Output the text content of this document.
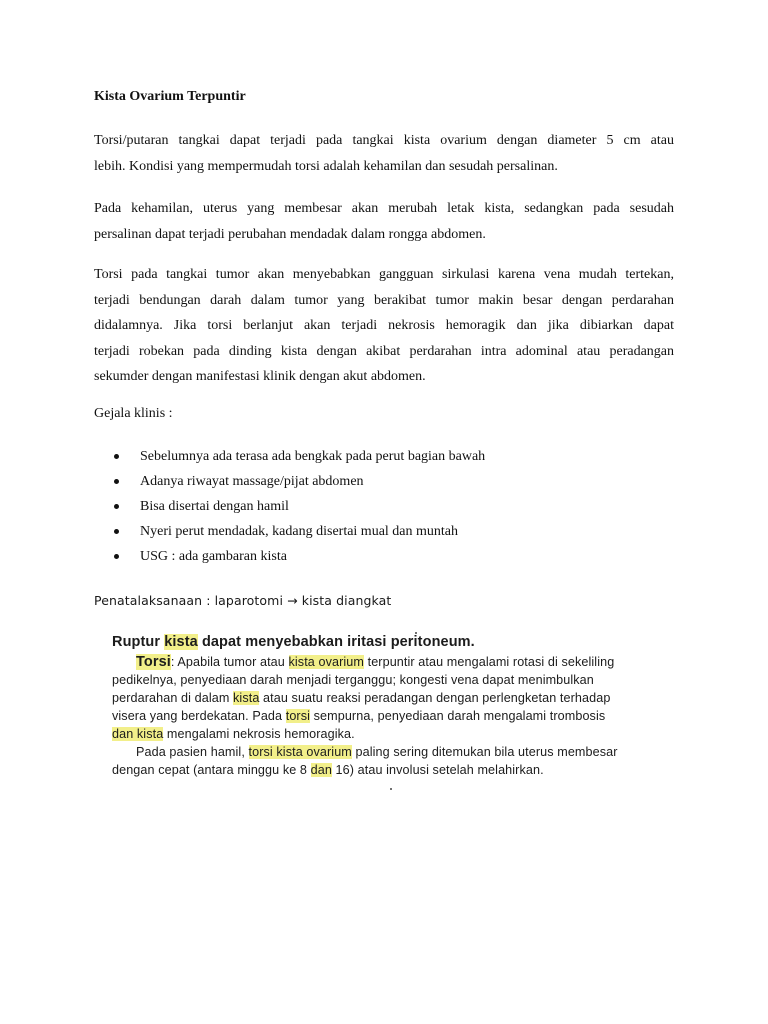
Kista Ovarium Terpuntir
Torsi/putaran tangkai dapat terjadi pada tangkai kista ovarium dengan diameter 5 cm atau
lebih. Kondisi yang mempermudah torsi adalah kehamilan dan sesudah persalinan.
Pada kehamilan, uterus yang membesar akan merubah letak kista, sedangkan pada sesudah
persalinan dapat terjadi perubahan mendadak dalam rongga abdomen.
Torsi pada tangkai tumor akan menyebabkan gangguan sirkulasi karena vena mudah tertekan,
terjadi bendungan darah dalam tumor yang berakibat tumor makin besar dengan perdarahan
didalamnya. Jika torsi berlanjut akan terjadi nekrosis hemoragik dan jika dibiarkan dapat
terjadi robekan pada dinding kista dengan akibat perdarahan intra adominal atau peradangan
sekumder dengan manifestasi klinik dengan akut abdomen.
Gejala klinis :
Sebelumnya ada terasa ada bengkak pada perut bagian bawah
Adanya riwayat massage/pijat abdomen
Bisa disertai dengan hamil
Nyeri perut mendadak, kadang disertai mual dan muntah
USG : ada gambaran kista
Penatalaksanaan : laparotomi → kista diangkat
Ruptur kista dapat menyebabkan iritasi peritoneum.
Torsi: Apabila tumor atau kista ovarium terpuntir atau mengalami rotasi di sekeliling
pedikelnya, penyediaan darah menjadi terganggu; kongesti vena dapat menimbulkan
perdarahan di dalam kista atau suatu reaksi peradangan dengan perlengketan terhadap
visera yang berdekatan. Pada torsi sempurna, penyediaan darah mengalami trombosis
dan kista mengalami nekrosis hemoragika.
Pada pasien hamil, torsi kista ovarium paling sering ditemukan bila uterus membesar
dengan cepat (antara minggu ke 8 dan 16) atau involusi setelah melahirkan.
